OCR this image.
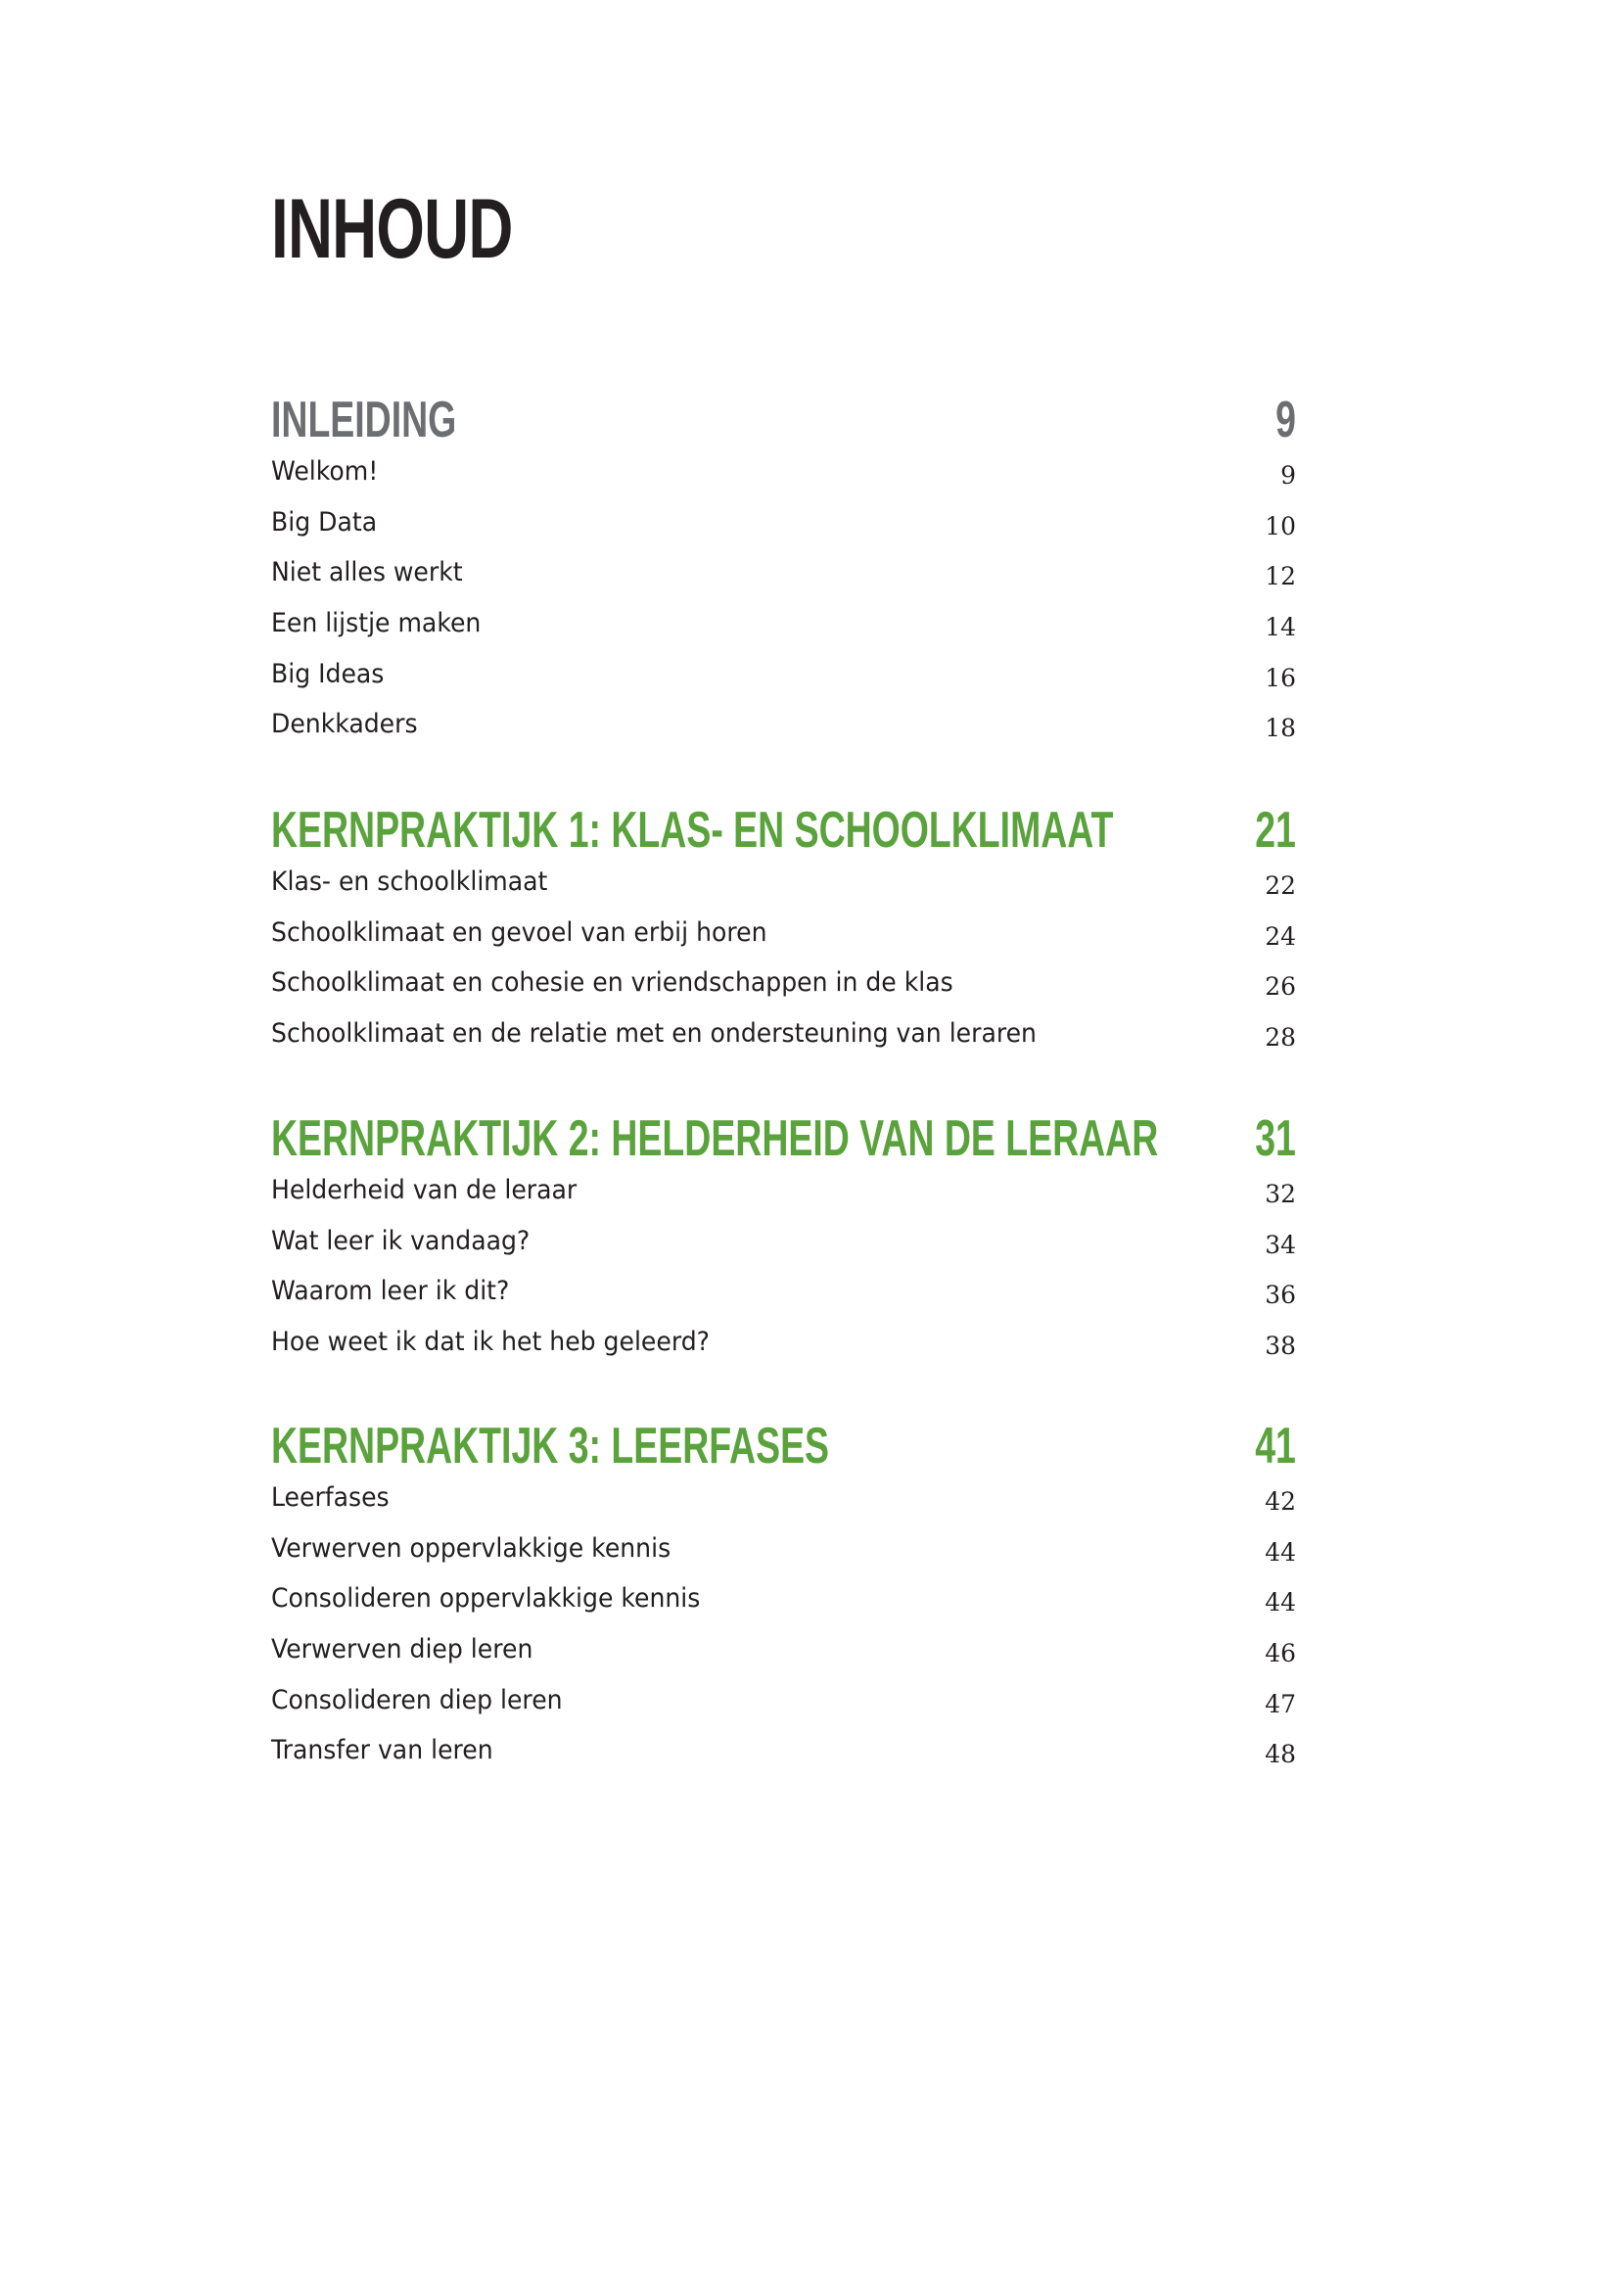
INHOUD
INLEIDING	9
Welkom!	9
Big Data	10
Niet alles werkt	12
Een lijstje maken	14
Big Ideas	16
Denkkaders	18
KERNPRAKTIJK 1: KLAS- EN SCHOOLKLIMAAT	21
Klas- en schoolklimaat	22
Schoolklimaat en gevoel van erbij horen	24
Schoolklimaat en cohesie en vriendschappen in de klas	26
Schoolklimaat en de relatie met en ondersteuning van leraren	28
KERNPRAKTIJK 2: HELDERHEID VAN DE LERAAR 31
Helderheid van de leraar	32
Wat leer ik vandaag?	34
Waarom leer ik dit?	36
Hoe weet ik dat ik het heb geleerd?	38
KERNPRAKTIJK 3: LEERFASES	41
Leerfases	42
Verwerven oppervlakkige kennis	44
Consolideren oppervlakkige kennis	44
Verwerven diep leren	46
Consolideren diep leren	47
Transfer van leren	48
